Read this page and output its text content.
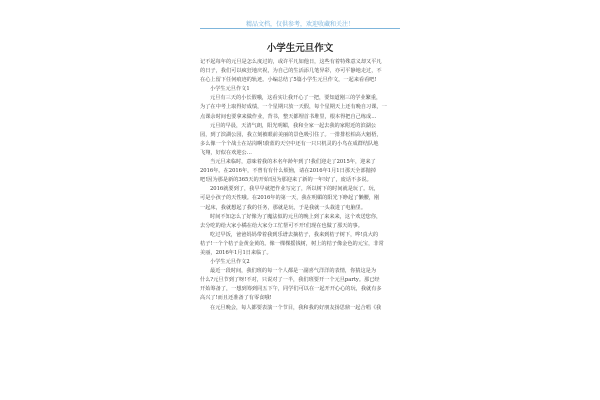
精品文档，仅供参考，欢迎收藏和关注！
小学生元旦作文

记不起每年的元旦是怎么度过的，或许平凡如他日，这些有着特殊意义却又平凡

的日子，我们可以疯狂地庆祝，为自己的生活添几笔异彩，亦可平静地走过，不

在心上留下任何痕迹的轨迹。小编总结了5篇小学生元旦作文，一起来看看吧!

小学生元旦作文1

元旦有三天的小长假哦，这看实让我开心了一把，要知道刚三的学业繁重，

为了在中考上取得好成绩，一个星期只放一天假，每个星期天上还有晚自习课，一

点课余时间也要拿来做作业，背书，整天都埋首书堆里，根本得把自己练成…

元旦的早晨，天清气朗，阳光明媚，我和全家一起去我的家附近的滨湖公

园，到了滨湖公园，我立刻被眼前美丽的景色吸引住了。一排排松柏高大魁梧，

多么像一个个战士在站岗啊!蔚蓝的天空中还有一只只机灵的小鸟在成群结队地

飞翔，好似在欢迎公…

当元旦来临时，意味着我的本名年龄年到了!我们迎走了2015年，迎来了

2016年。在2016年，不曾有有什么烦恼，请在2016年1月1日那天全部抛掉

吧!因为那是新的365天的开始!因为那迎来了新的一年!好了，废话不多说。

2016就要到了，我早早就把作业写完了，所以树下的时间就是玩了。玩，

可是小孩子的天性哦。在2016年的第一天，我在明媚的阳光下睁起了懒腰，刚

一起床，我就想起了我的任务，那就是玩，于是我就一头栽进了电脑里。

时间不知怎么了好像为了魔法似的元旦的晚上到了来来来，这个欢送您你，

去分吃的给大家小橘在给大家分工忙帮可不开!们现在也做了那天的事。

吃过早饭，爸爸妈妈带着我到乐谱去摘桔子，我来到桔子树下，哗!真大的

桔子!一个个桔子金黄金黄的。像一棵棵摇钱树，树上的桔子像金色的元宝，非常

美丽，2016年1月1日来临了。

小学生元旦作文2

最近一段时间，我们班的每一个人都是一副喜气洋洋的表情，你猜这是为

什么?元旦节到了呀!不对，只说对了一半，我们班要开一个元旦party。那已经

开始筹备了，一想到筹到同五下午，同学们可以在一起开开心心的玩，我就有多

高兴了!而且还准备了有零食哦!

在元旦晚会，每人都要表演一个节目，我和我的好朋友扬思鼎一起合唱《我
